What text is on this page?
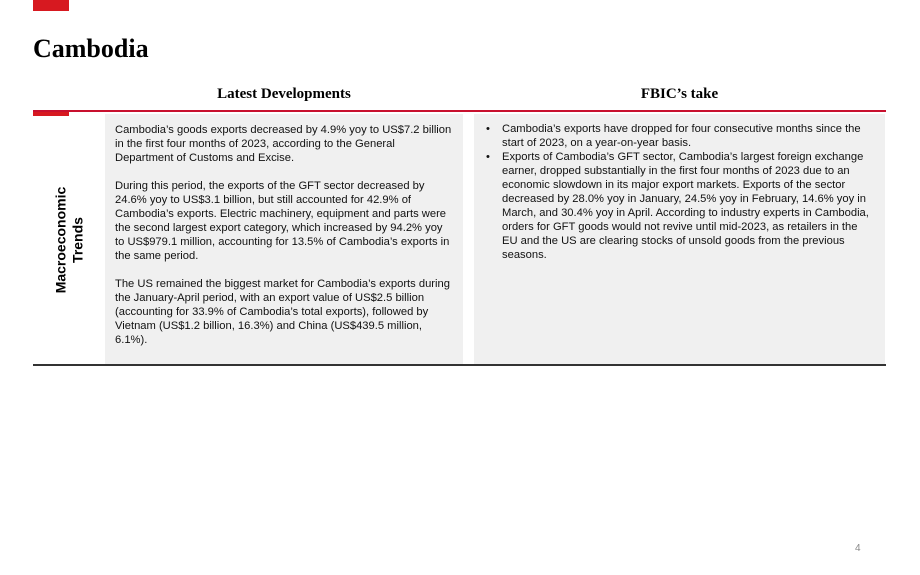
Cambodia
Latest Developments	FBIC’s take
Macroeconomic
Trends

Cambodia’s goods exports decreased by 4.9% yoy to US$7.2 billion in the first four months of 2023, according to the General Department of Customs and Excise.

During this period, the exports of the GFT sector decreased by 24.6% yoy to US$3.1 billion, but still accounted for 42.9% of Cambodia’s exports. Electric machinery, equipment and parts were the second largest export category, which increased by 94.2% yoy to US$979.1 million, accounting for 13.5% of Cambodia’s exports in the same period.

The US remained the biggest market for Cambodia’s exports during the January-April period, with an export value of US$2.5 billion (accounting for 33.9% of Cambodia’s total exports), followed by Vietnam (US$1.2 billion, 16.3%) and China (US$439.5 million, 6.1%).

• Cambodia’s exports have dropped for four consecutive months since the start of 2023, on a year-on-year basis.
• Exports of Cambodia’s GFT sector, Cambodia’s largest foreign exchange earner, dropped substantially in the first four months of 2023 due to an economic slowdown in its major export markets. Exports of the sector decreased by 28.0% yoy in January, 24.5% yoy in February, 14.6% yoy in March, and 30.4% yoy in April. According to industry experts in Cambodia, orders for GFT goods would not revive until mid-2023, as retailers in the EU and the US are clearing stocks of unsold goods from the previous seasons.
4
